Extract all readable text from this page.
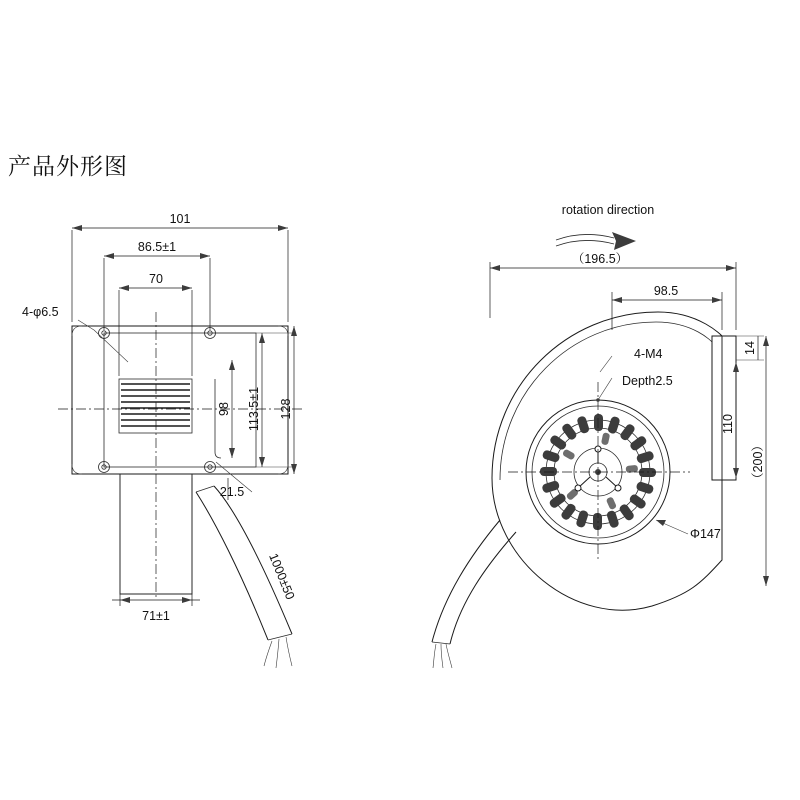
产品外形图
101
86.5±1
70
98 113.5±1 128
4-φ6.5
21.5
71±1
1000±50
rotation direction
（196.5）
98.5
14
110
（200）
4-M4
Depth2.5
Φ147
